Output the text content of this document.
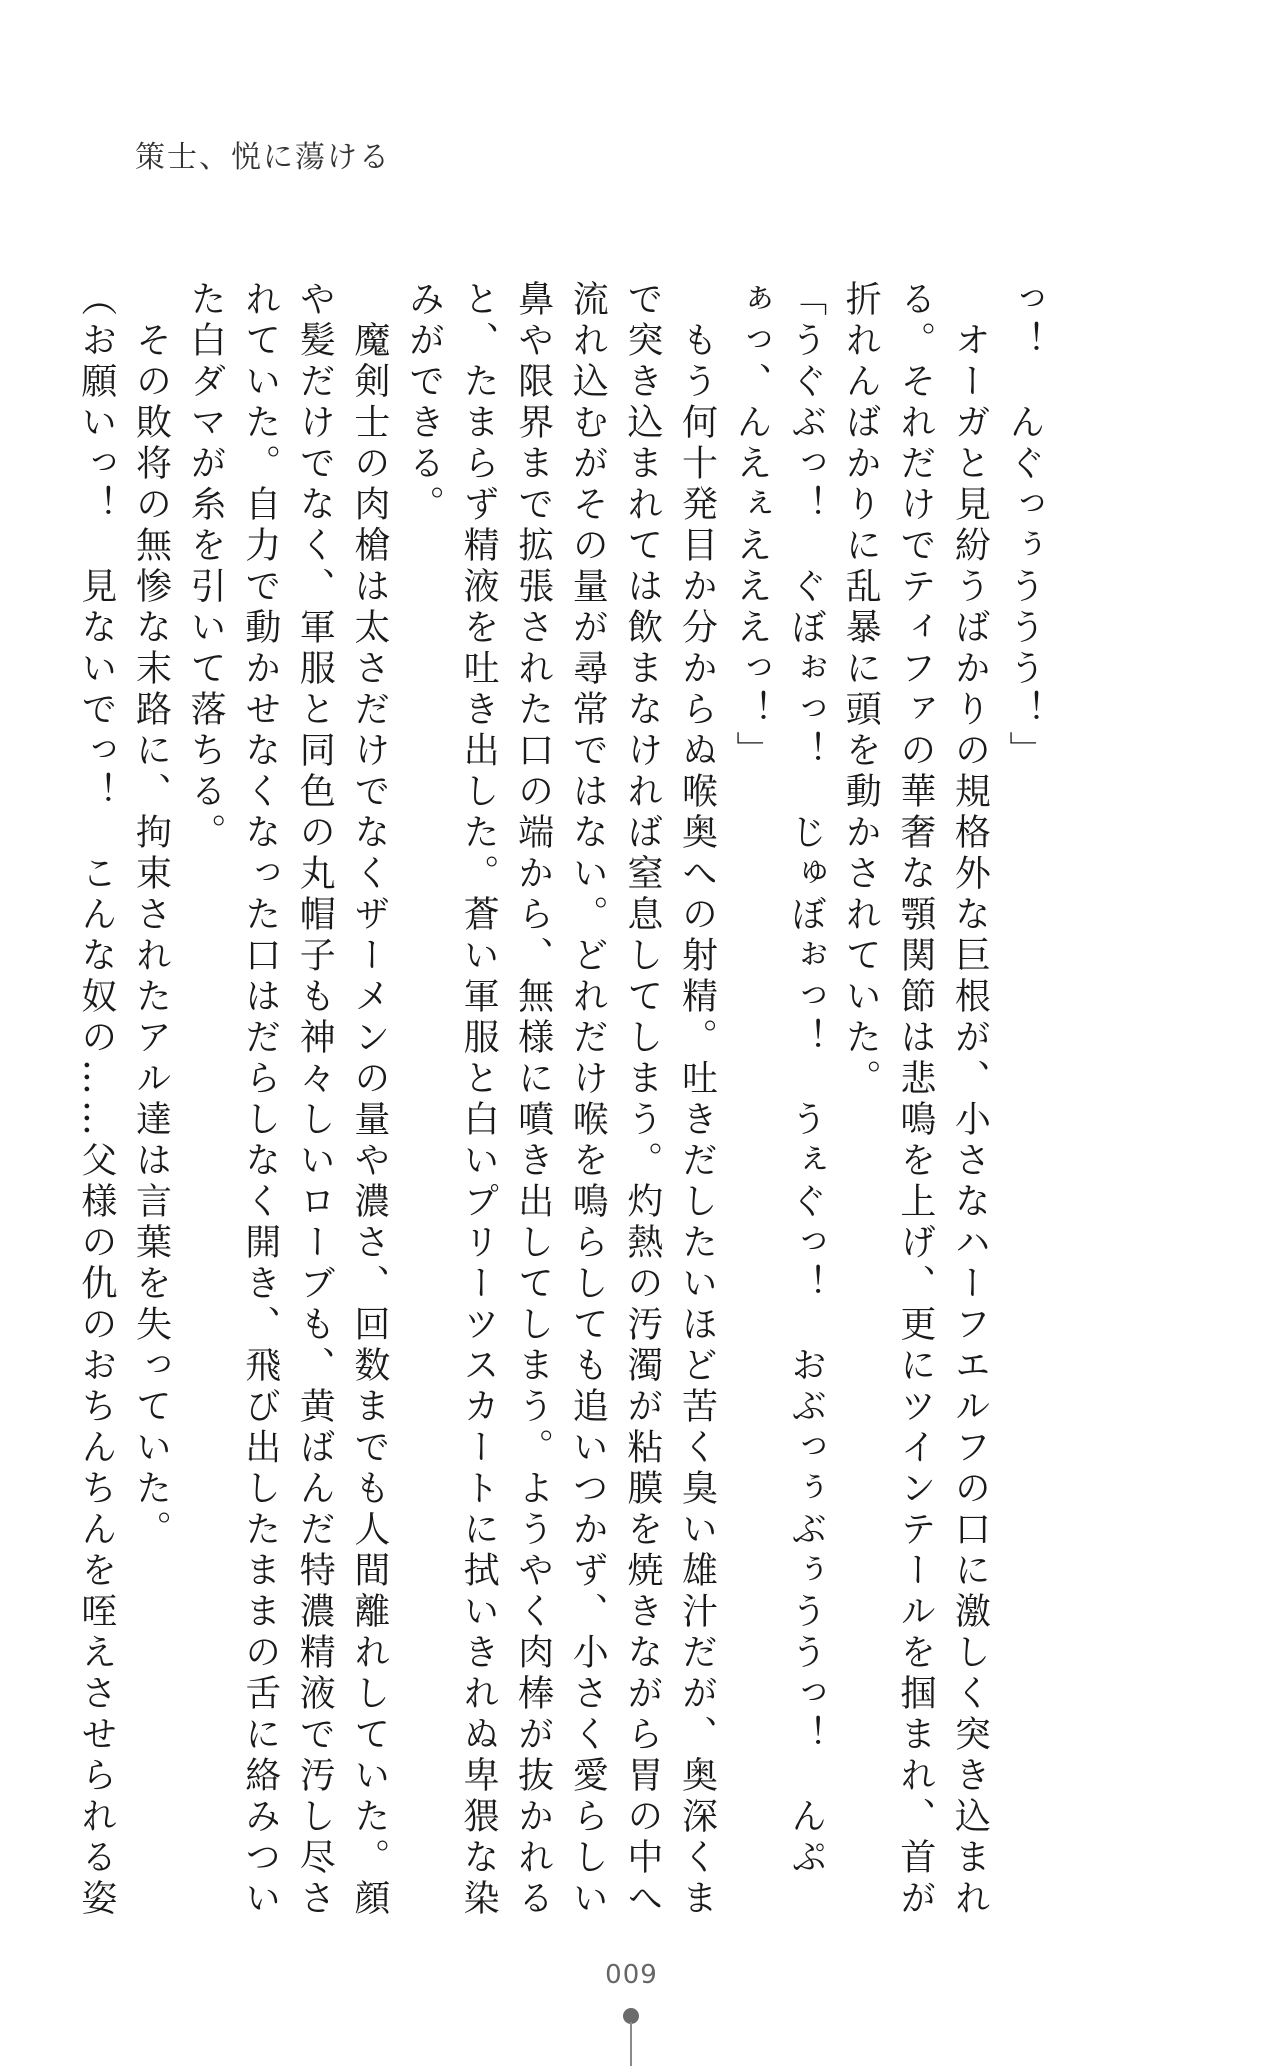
策士、悦に蕩ける
っ！　んぐっぅううう！」
　オーガと見紛うばかりの規格外な巨根が、小さなハーフエルフの口に激しく突き込まれ
る。それだけでティファの華奢な顎関節は悲鳴を上げ、更にツインテールを掴まれ、首が
折れんばかりに乱暴に頭を動かされていた。
「うぐぶっ！　ぐぼぉっ！　じゅぼぉっ！　うぇぐっ！　おぶっぅぶぅううっ！　んぷ
ぁっ、んえぇえええっ！」
　もう何十発目か分からぬ喉奥への射精。吐きだしたいほど苦く臭い雄汁だが、奥深くま
で突き込まれては飲まなければ窒息してしまう。灼熱の汚濁が粘膜を焼きながら胃の中へ
流れ込むがその量が尋常ではない。どれだけ喉を鳴らしても追いつかず、小さく愛らしい
鼻や限界まで拡張された口の端から、無様に噴き出してしまう。ようやく肉棒が抜かれる
と、たまらず精液を吐き出した。蒼い軍服と白いプリーツスカートに拭いきれぬ卑猥な染
みができる。
　魔剣士の肉槍は太さだけでなくザーメンの量や濃さ、回数までも人間離れしていた。顔
や髪だけでなく、軍服と同色の丸帽子も神々しいローブも、黄ばんだ特濃精液で汚し尽さ
れていた。自力で動かせなくなった口はだらしなく開き、飛び出したままの舌に絡みつい
た白ダマが糸を引いて落ちる。
　その敗将の無惨な末路に、拘束されたアル達は言葉を失っていた。
（お願いっ！　見ないでっ！　こんな奴の……父様の仇のおちんちんを咥えさせられる姿
009
